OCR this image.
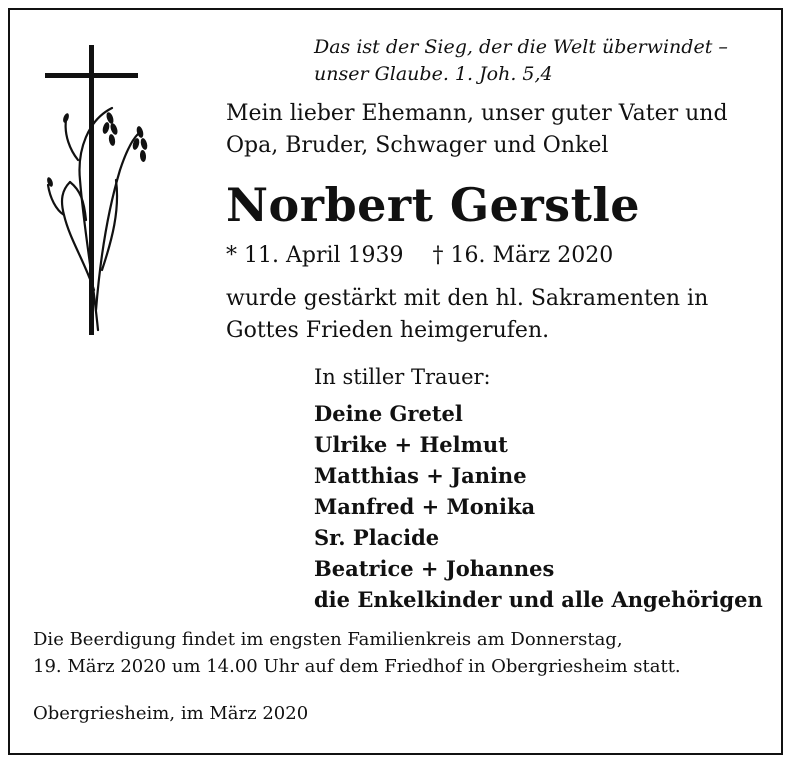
Das ist der Sieg, der die Welt überwindet –

unser Glaube. 1. Joh. 5,4

Mein lieber Ehemann, unser guter Vater und

Opa, Bruder, Schwager und Onkel

Norbert Gerstle
* 11. April 1939 † 16. März 2020

wurde gestärkt mit den hl. Sakramenten in

Gottes Frieden heimgerufen.

In stiller Trauer:
Deine Gretel
Ulrike + Helmut
Matthias + Janine
Manfred + Monika
Sr. Placide
Beatrice + Johannes
die Enkelkinder und alle Angehörigen

Die Beerdigung findet im engsten Familienkreis am Donnerstag,

19. März 2020 um 14.00 Uhr auf dem Friedhof in Obergriesheim statt.

Obergriesheim, im März 2020
